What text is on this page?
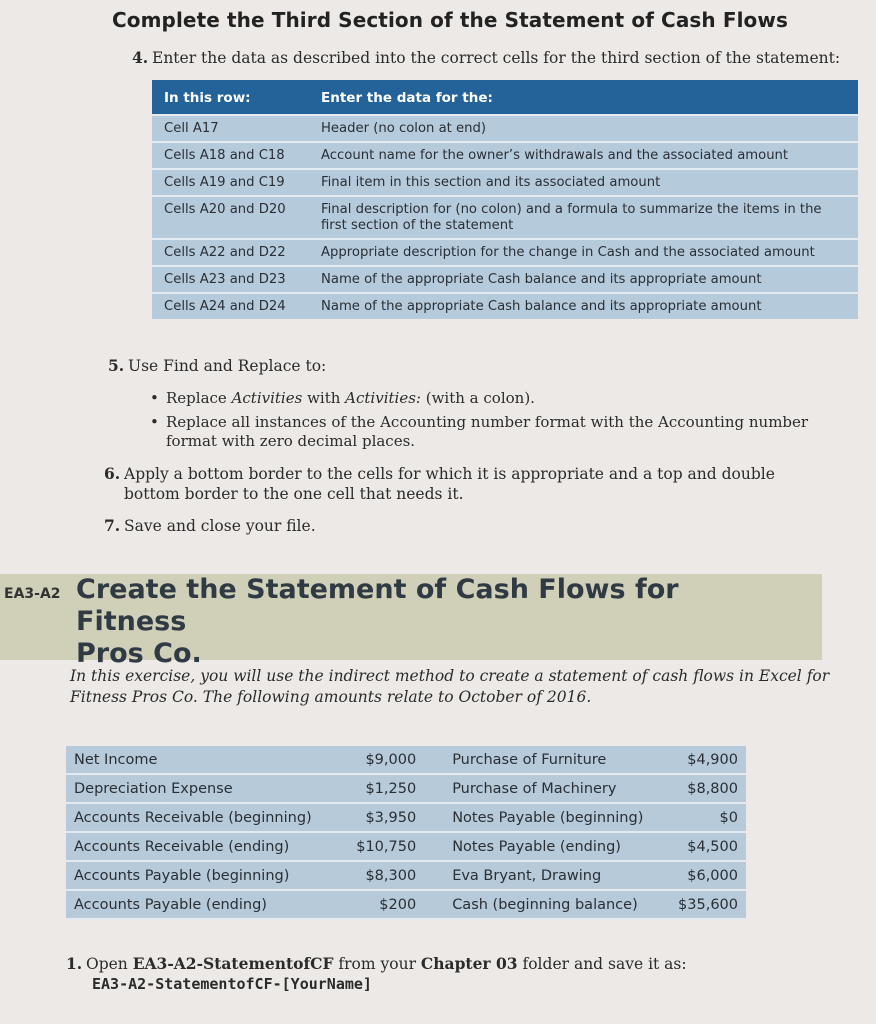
Complete the Third Section of the Statement of Cash Flows
4. Enter the data as described into the correct cells for the third section of the statement:
In this row:	Enter the data for the:
Cell A17	Header (no colon at end)
Cells A18 and C18	Account name for the owner’s withdrawals and the associated amount
Cells A19 and C19	Final item in this section and its associated amount
Cells A20 and D20	Final description for (no colon) and a formula to summarize the items in the first section of the statement
Cells A22 and D22	Appropriate description for the change in Cash and the associated amount
Cells A23 and D23	Name of the appropriate Cash balance and its appropriate amount
Cells A24 and D24	Name of the appropriate Cash balance and its appropriate amount
5. Use Find and Replace to:
• Replace Activities with Activities: (with a colon).
• Replace all instances of the Accounting number format with the Accounting number
format with zero decimal places.
6. Apply a bottom border to the cells for which it is appropriate and a top and double
bottom border to the one cell that needs it.
7. Save and close your file.
EA3-A2 Create the Statement of Cash Flows for Fitness
Pros Co.
In this exercise, you will use the indirect method to create a statement of cash flows in Excel for
Fitness Pros Co. The following amounts relate to October of 2016.
Net Income	$9,000	Purchase of Furniture	$4,900
Depreciation Expense	$1,250	Purchase of Machinery	$8,800
Accounts Receivable (beginning)	$3,950	Notes Payable (beginning)	$0
Accounts Receivable (ending)	$10,750	Notes Payable (ending)	$4,500
Accounts Payable (beginning)	$8,300	Eva Bryant, Drawing	$6,000
Accounts Payable (ending)	$200	Cash (beginning balance)	$35,600
1. Open EA3-A2-StatementofCF from your Chapter 03 folder and save it as:
EA3-A2-StatementofCF-[YourName]
